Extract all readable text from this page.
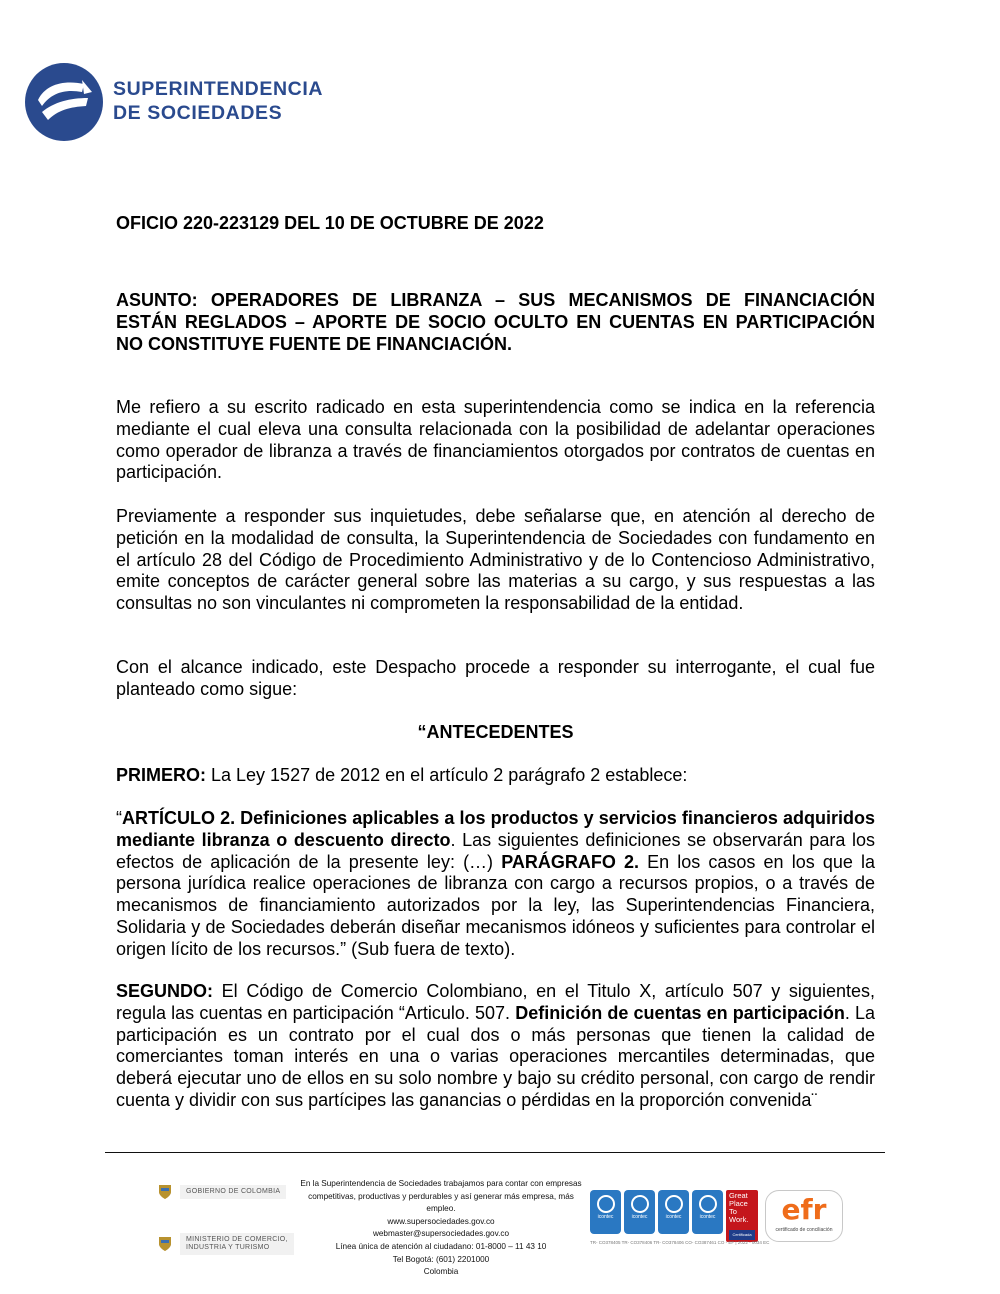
SUPERINTENDENCIA
DE SOCIEDADES
OFICIO 220-223129 DEL 10 DE OCTUBRE DE 2022
ASUNTO: OPERADORES DE LIBRANZA – SUS MECANISMOS DE FINANCIACIÓN ESTÁN REGLADOS – APORTE DE SOCIO OCULTO EN CUENTAS EN PARTICIPACIÓN NO CONSTITUYE FUENTE DE FINANCIACIÓN.

Me refiero a su escrito radicado en esta superintendencia como se indica en la referencia mediante el cual eleva una consulta relacionada con la posibilidad de adelantar operaciones como operador de libranza a través de financiamientos otorgados por contratos de cuentas en participación.

Previamente a responder sus inquietudes, debe señalarse que, en atención al derecho de petición en la modalidad de consulta, la Superintendencia de Sociedades con fundamento en el artículo 28 del Código de Procedimiento Administrativo y de lo Contencioso Administrativo, emite conceptos de carácter general sobre las materias a su cargo, y sus respuestas a las consultas no son vinculantes ni comprometen la responsabilidad de la entidad.

Con el alcance indicado, este Despacho procede a responder su interrogante, el cual fue planteado como sigue:

“ANTECEDENTES

PRIMERO: La Ley 1527 de 2012 en el artículo 2 parágrafo 2 establece:

“ARTÍCULO 2. Definiciones aplicables a los productos y servicios financieros adquiridos mediante libranza o descuento directo. Las siguientes definiciones se observarán para los efectos de aplicación de la presente ley: (…) PARÁGRAFO 2. En los casos en los que la persona jurídica realice operaciones de libranza con cargo a recursos propios, o a través de mecanismos de financiamiento autorizados por la ley, las Superintendencias Financiera, Solidaria y de Sociedades deberán diseñar mecanismos idóneos y suficientes para controlar el origen lícito de los recursos.” (Sub fuera de texto).

SEGUNDO: El Código de Comercio Colombiano, en el Titulo X, artículo 507 y siguientes, regula las cuentas en participación “Articulo. 507. Definición de cuentas en participación. La participación es un contrato por el cual dos o más personas que tienen la calidad de comerciantes toman interés en una o varias operaciones mercantiles determinadas, que deberá ejecutar uno de ellos en su solo nombre y bajo su crédito personal, con cargo de rendir cuenta y dividir con sus partícipes las ganancias o pérdidas en la proporción convenida¨

GOBIERNO DE COLOMBIA
MINISTERIO DE COMERCIO,
INDUSTRIA Y TURISMO
En la Superintendencia de Sociedades trabajamos para contar con empresas
competitivas, productivas y perdurables y así generar más empresa, más empleo.
www.supersociedades.gov.co
webmaster@supersociedades.gov.co
Línea única de atención al ciudadano: 01-8000 – 11 43 10
Tel Bogotá: (601) 2201000
Colombia
icontec	icontec	icontec	icontec
Great Place To Work.
Certificada
efr
certificado de conciliación
TR- CO378405 TR- CO378406 TR- CO378406 CO- CO387461 CO - EF | 2022 - 0034 EC
